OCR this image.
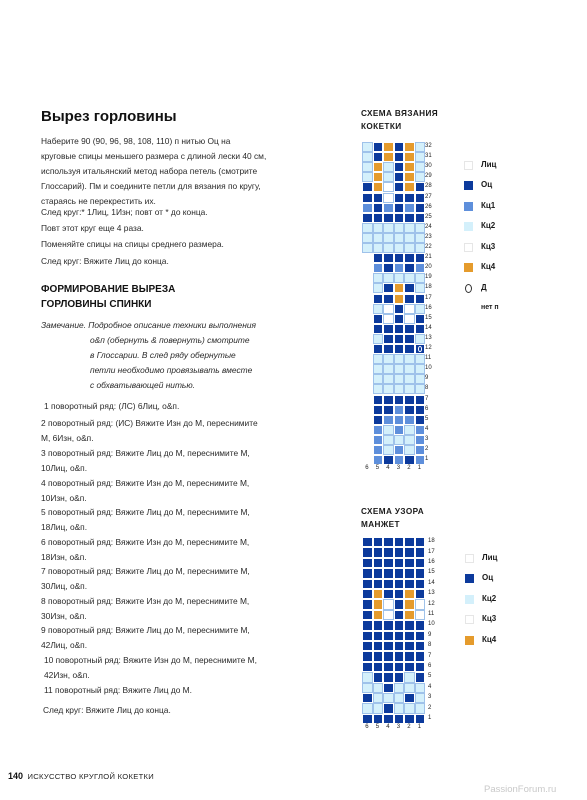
Вырез горловины
Наберите 90 (90, 96, 98, 108, 110) п нитью Оц на
круговые спицы меньшего размера с длиной лески 40 см,
используя итальянский метод набора петель (смотрите
Глоссарий). Пм и соедините петли для вязания по кругу,
стараясь не перекрестить их.
След круг:* 1Лиц, 1Изн; повт от * до конца.
Повт этот круг еще 4 раза.
Поменяйте спицы на спицы среднего размера.
След круг: Вяжите Лиц до конца.
ФОРМИРОВАНИЕ ВЫРЕЗА
ГОРЛОВИНЫ СПИНКИ
Замечание. Подробное описание техники выполнения
о&п (обернуть & повернуть) смотрите
в Глоссарии. В след ряду обернутые
петли необходимо провязывать вместе
с обхватывающей нитью.
1 поворотный ряд: (ЛС) 6Лиц, о&п.
2 поворотный ряд: (ИС) Вяжите Изн до М, переснимите
М, 6Изн, о&п.
3 поворотный ряд: Вяжите Лиц до М, переснимите М,
10Лиц, о&п.
4 поворотный ряд: Вяжите Изн до М, переснимите М,
10Изн, о&п.
5 поворотный ряд: Вяжите Лиц до М, переснимите М,
18Лиц, о&п.
6 поворотный ряд: Вяжите Изн до М, переснимите М,
18Изн, о&п.
7 поворотный ряд: Вяжите Лиц до М, переснимите М,
30Лиц, о&п.
8 поворотный ряд: Вяжите Изн до М, переснимите М,
30Изн, о&п.
9 поворотный ряд: Вяжите Лиц до М, переснимите М,
42Лиц, о&п.
10 поворотный ряд: Вяжите Изн до М, переснимите М,
42Изн, о&п.
11 поворотный ряд: Вяжите Лиц до М.
След круг: Вяжите Лиц до конца.
СХЕМА ВЯЗАНИЯ
КОКЕТКИ
32
31
30
29
28
27
26
25
24
23
22
21
20
19
18
17
16
15
14
13
12
11
10
9
8
7
6
5
4
3
2
1
6 5 4 3 2 1
Лиц
Оц
Кц1
Кц2
Кц3
Кц4
Д
нет п
СХЕМА УЗОРА
МАНЖЕТ
18
17
16
15
14
13
12
11
10
9
8
7
6
5
4
3
2
1
6 5 4 3 2 1
Лиц
Оц
Кц2
Кц3
Кц4
140 ИСКУССТВО КРУГЛОЙ КОКЕТКИ
PassionForum.ru
